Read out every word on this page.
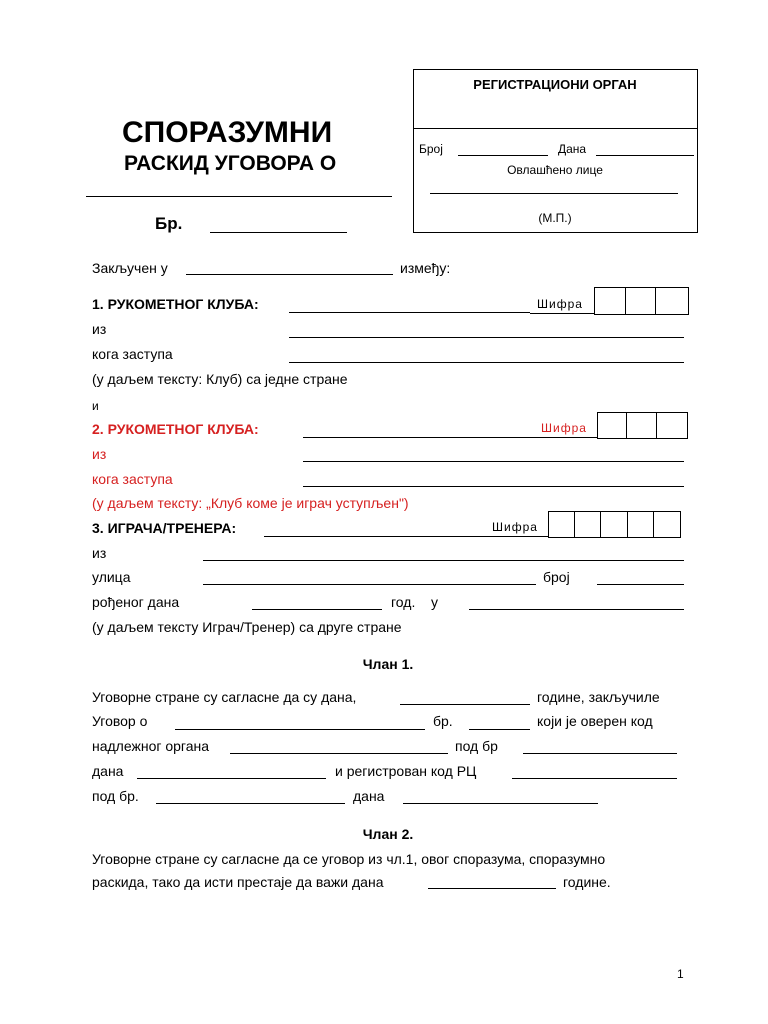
СПОРАЗУМНИ
РАСКИД УГОВОРА О
Бр.
РЕГИСТРАЦИОНИ ОРГАН
Број	Дана
Овлашћено лице
(М.П.)
Закључен у	између:
1. РУКОМЕТНОГ КЛУБА:	Шифра
из
кога заступа
(у даљем тексту: Клуб) са једне стране
и
2. РУКОМЕТНОГ КЛУБА:	Шифра
из
кога заступа
(у даљем тексту: „Клуб коме је играч уступљен")
3. ИГРАЧА/ТРЕНЕРА:	Шифра
из
улица	број
рођеног дана	год. у
(у даљем тексту Играч/Тренер) са друге стране
Члан 1.
Уговорне стране су сагласне да су дана,	године, закључиле
Уговор о	бр.	који је оверен код
надлежног органа	под бр
дана	и регистрован код РЦ
под бр.	дана
Члан 2.
Уговорне стране су сагласне да се уговор из чл.1, овог споразума, споразумно
раскида, тако да исти престаје да важи дана	године.
1
